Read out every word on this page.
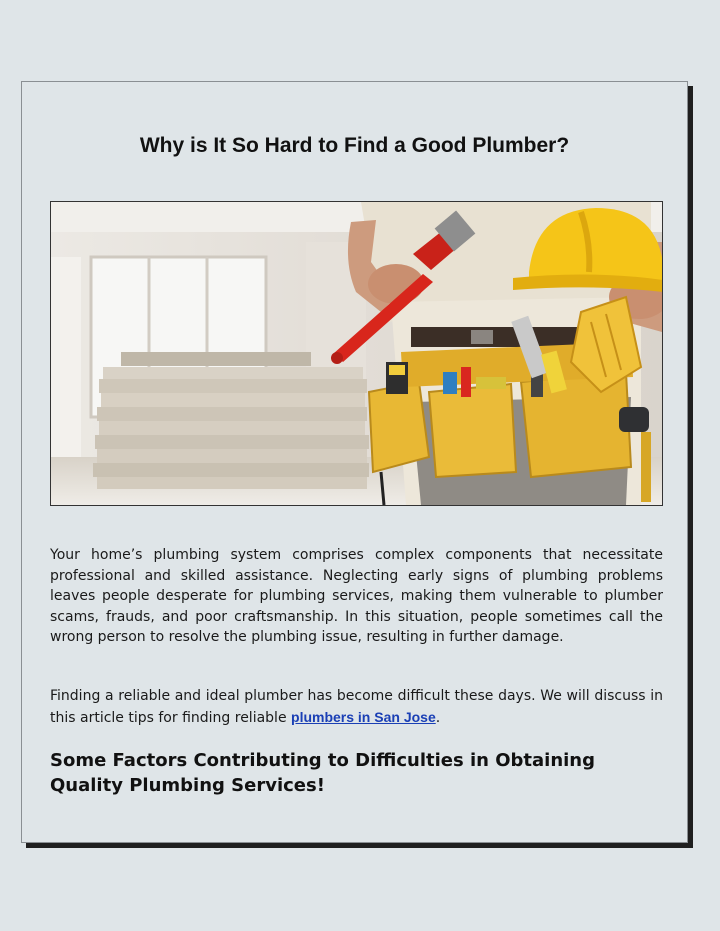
Why is It So Hard to Find a Good Plumber?

Your home’s plumbing system comprises complex components that necessitate professional and skilled assistance. Neglecting early signs of plumbing problems leaves people desperate for plumbing services, making them vulnerable to plumber scams, frauds, and poor craftsmanship. In this situation, people sometimes call the wrong person to resolve the plumbing issue, resulting in further damage.

Finding a reliable and ideal plumber has become difficult these days. We will discuss in this article tips for finding reliable plumbers in San Jose.

Some Factors Contributing to Difficulties in Obtaining Quality Plumbing Services!
